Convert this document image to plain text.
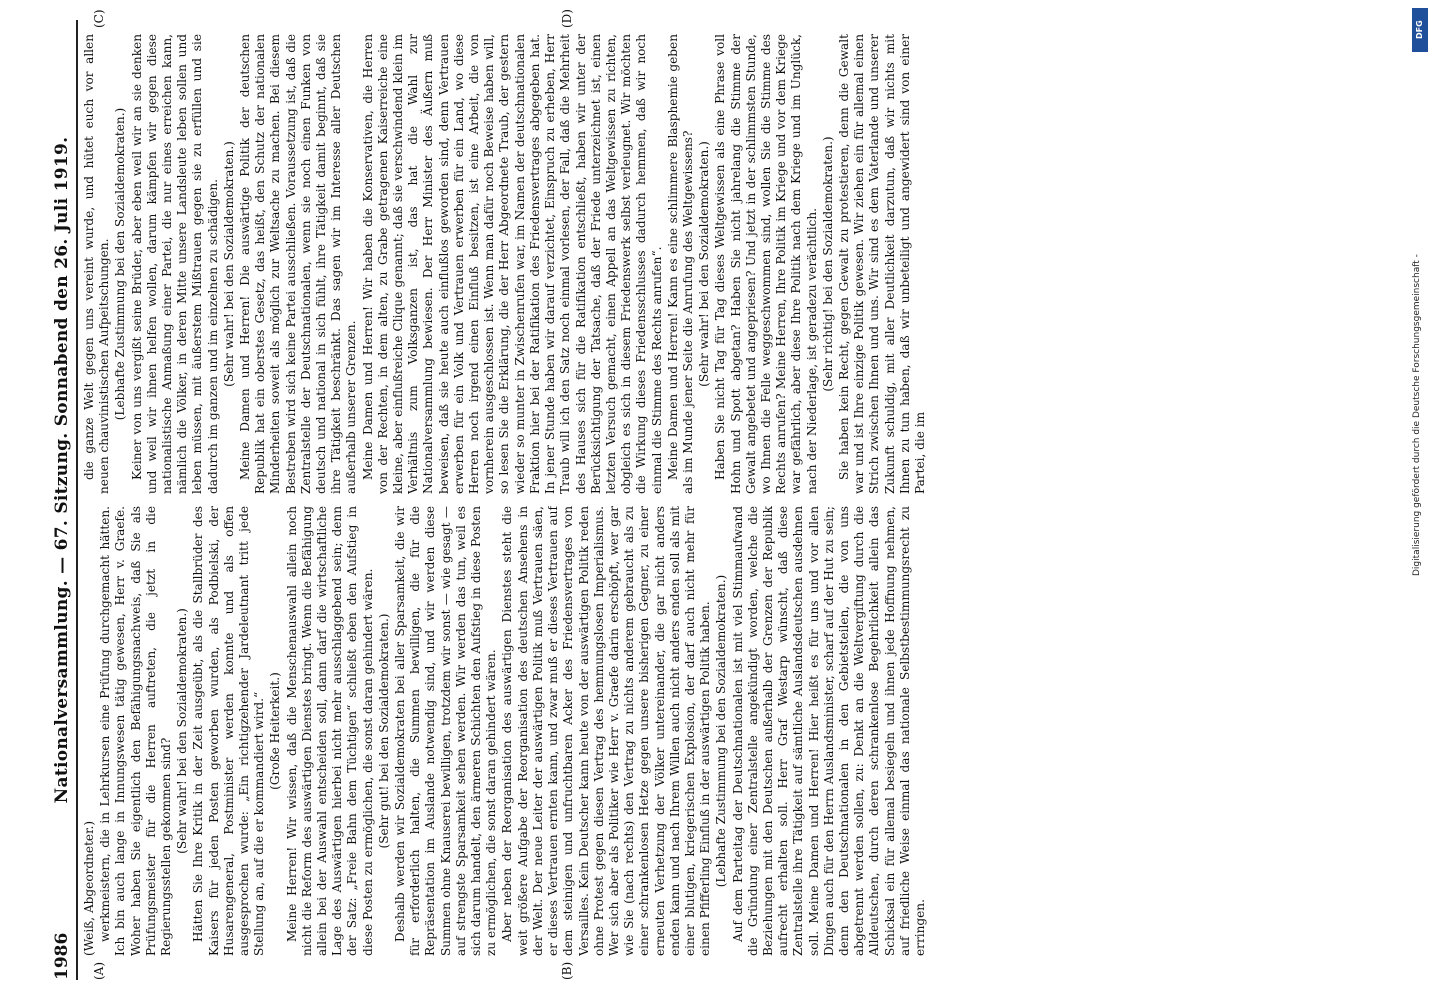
1986
Nationalversammlung. — 67. Sitzung. Sonnabend den 26. Juli 1919.
(A)	(B)
(C)	(D)

(Weiß, Abgeordneter.) werkmeistern, die in Lehrkursen eine Prüfung durchgemacht hätten. Ich bin auch lange in Innungswesen tätig gewesen, Herr v. Graefe. Woher haben Sie eigentlich den Befähigungsnachweis, daß Sie als Prüfungsmeister für die Herren auftreten, die jetzt in die Regierungsstellen gekommen sind? (Sehr wahr! bei den Sozialdemokraten.) Hätten Sie Ihre Kritik in der Zeit ausgeübt, als die Stallbrüder des Kaisers für jeden Posten geworben wurden, als Podbielski, der Husarengeneral, Postminister werden konnte und als offen ausgesprochen wurde: „Ein richtigzehender Jardeleutnant tritt jede Stellung an, auf die er kommandiert wird.“ (Große Heiterkeit.) Meine Herren! Wir wissen, daß die Menschenauswahl allein noch nicht die Reform des auswärtigen Dienstes bringt. Wenn die Befähigung allein bei der Auswahl entscheiden soll, dann darf die wirtschaftliche Lage des Auswärtigen hierbei nicht mehr ausschlaggebend sein; denn der Satz: „Freie Bahn dem Tüchtigen“ schließt eben den Aufstieg in diese Posten zu ermöglichen, die sonst daran gehindert wären. (Sehr gut! bei den Sozialdemokraten.) Deshalb werden wir Sozialdemokraten bei aller Sparsamkeit, die wir für erforderlich halten, die Summen bewilligen, die für die Repräsentation im Auslande notwendig sind, und wir werden diese Summen ohne Knauserei bewilligen, trotzdem wir sonst — wie gesagt — auf strengste Sparsamkeit sehen werden. Wir werden das tun, weil es sich darum handelt, den ärmeren Schichten den Aufstieg in diese Posten zu ermöglichen, die sonst daran gehindert wären. Aber neben der Reorganisation des auswärtigen Dienstes steht die weit größere Aufgabe der Reorganisation des deutschen Ansehens in der Welt. Der neue Leiter der auswärtigen Politik muß Vertrauen säen, er dieses Vertrauen ernten kann, und zwar muß er dieses Vertrauen auf dem steinigen und unfruchtbaren Acker des Friedensvertrages von Versailles. Kein Deutscher kann heute von der auswärtigen Politik reden ohne Protest gegen diesen Vertrag des hemmungslosen Imperialismus. Wer sich aber als Politiker wie Herr v. Graefe darin erschöpft, wer gar wie Sie (nach rechts) den Vertrag zu nichts anderem gebraucht als zu einer schrankenlosen Hetze gegen unsere bisherigen Gegner, zu einer erneuten Verhetzung der Völker untereinander, die gar nicht anders enden kann und nach Ihrem Willen auch nicht anders enden soll als mit einer blutigen, kriegerischen Explosion, der darf auch nicht mehr für einen Pfifferling Einfluß in der auswärtigen Politik haben. (Lebhafte Zustimmung bei den Sozialdemokraten.) Auf dem Parteitag der Deutschnationalen ist mit viel Stimmaufwand die Gründung einer Zentralstelle angekündigt worden, welche die Beziehungen mit den Deutschen außerhalb der Grenzen der Republik aufrecht erhalten soll. Herr Graf Westarp wünscht, daß diese Zentralstelle ihre Tätigkeit auf sämtliche Auslandsdeutschen ausdehnen soll. Meine Damen und Herren! Hier heißt es für uns und vor allen Dingen auch für den Herrn Auslandsminister, scharf auf der Hut zu sein; denn den Deutschnationalen in den Gebietsteilen, die von uns abgetrennt werden sollen, zu: Denkt an die Weltvergiftung durch die Alldeutschen, durch deren schrankenlose Begehrlichkeit allein das Schicksal ein für allemal besiegeln und ihnen jede Hoffnung nehmen, auf friedliche Weise einmal das nationale Selbstbestimmungsrecht zu erringen.

die ganze Welt gegen uns vereint wurde, und hütet euch vor allen neuen chauvinistischen Aufpeitschungen. (Lebhafte Zustimmung bei den Sozialdemokraten.) Keiner von uns vergißt seine Brüder, aber eben weil wir an sie denken und weil wir ihnen helfen wollen, darum kämpfen wir gegen diese nationalistische Anmaßung einer Partei, die nur eines erreichen kann, nämlich die Völker, in deren Mitte unsere Landsleute leben sollen und leben müssen, mit äußerstem Mißtrauen gegen sie zu erfüllen und sie dadurch im ganzen und im einzelnen zu schädigen. (Sehr wahr! bei den Sozialdemokraten.) Meine Damen und Herren! Die auswärtige Politik der deutschen Republik hat ein oberstes Gesetz, das heißt, den Schutz der nationalen Minderheiten soweit als möglich zur Weltsache zu machen. Bei diesem Bestreben wird sich keine Partei ausschließen. Voraussetzung ist, daß die Zentralstelle der Deutschnationalen, wenn sie noch einen Funken von deutsch und national in sich fühlt, ihre Tätigkeit damit beginnt, daß sie ihre Tätigkeit beschränkt. Das sagen wir im Interesse aller Deutschen außerhalb unserer Grenzen. Meine Damen und Herren! Wir haben die Konservativen, die Herren von der Rechten, in dem alten, zu Grabe getragenen Kaiserreiche eine kleine, aber einflußreiche Clique genannt; daß sie verschwindend klein im Verhältnis zum Volksganzen ist, das hat die Wahl zur Nationalversammlung bewiesen. Der Herr Minister des Äußern muß beweisen, daß sie heute auch einflußlos geworden sind, denn Vertrauen erwerben für ein Volk und Vertrauen erwerben für ein Land, wo diese Herren noch irgend einen Einfluß besitzen, ist eine Arbeit, die von vornherein ausgeschlossen ist. Wenn man dafür noch Beweise haben will, so lesen Sie die Erklärung, die der Herr Abgeordnete Traub, der gestern wieder so munter in Zwischenrufen war, im Namen der deutschnationalen Fraktion hier bei der Ratifikation des Friedensvertrages abgegeben hat. In jener Stunde haben wir darauf verzichtet, Einspruch zu erheben, Herr Traub will ich den Satz noch einmal vorlesen, der Fall, daß die Mehrheit des Hauses sich für die Ratifikation entschließt, haben wir unter der Berücksichtigung der Tatsache, daß der Friede unterzeichnet ist, einen letzten Versuch gemacht, einen Appell an das Weltgewissen zu richten, obgleich es sich in diesem Friedenswerk selbst verleugnet. Wir möchten die Wirkung dieses Friedensschlusses dadurch hemmen, daß wir noch einmal die Stimme des Rechts anrufen“. Meine Damen und Herren! Kann es eine schlimmere Blasphemie geben als im Munde jener Seite die Anrufung des Weltgewissens? (Sehr wahr! bei den Sozialdemokraten.) Haben Sie nicht Tag für Tag dieses Weltgewissen als eine Phrase voll Hohn und Spott abgetan? Haben Sie nicht jahrelang die Stimme der Gewalt angebetet und angepriesen? Und jetzt in der schlimmsten Stunde, wo Ihnen die Felle weggeschwommen sind, wollen Sie die Stimme des Rechts anrufen? Meine Herren, Ihre Politik im Kriege und vor dem Kriege war gefährlich, aber diese Ihre Politik nach dem Kriege und im Unglück, nach der Niederlage, ist geradezu verächtlich. (Sehr richtig! bei den Sozialdemokraten.) Sie haben kein Recht, gegen Gewalt zu protestieren, denn die Gewalt war und ist Ihre einzige Politik gewesen. Wir ziehen ein für allemal einen Strich zwischen Ihnen und uns. Wir sind es dem Vaterlande und unserer Zukunft schuldig, mit aller Deutlichkeit darzutun, daß wir nichts mit Ihnen zu tun haben, daß wir unbeteiligt und angewidert sind von einer Partei, die im

DFG
Digitalisierung gefördert durch die Deutsche Forschungsgemeinschaft -
